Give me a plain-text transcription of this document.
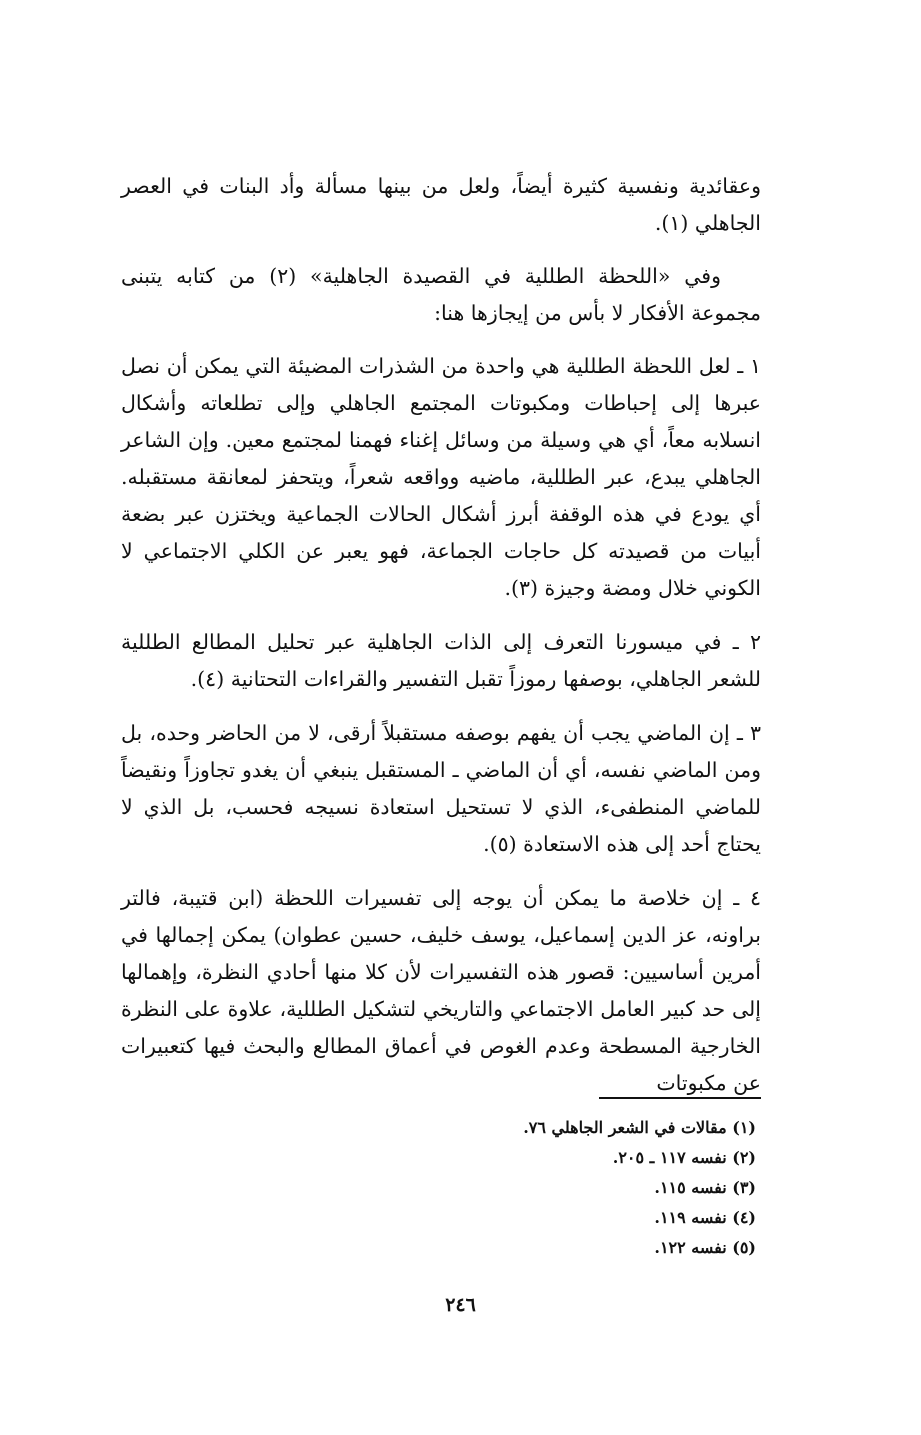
وعقائدية ونفسية كثيرة أيضاً، ولعل من بينها مسألة وأد البنات في العصر الجاهلي (١).

وفي «اللحظة الطللية في القصيدة الجاهلية» (٢) من كتابه يتبنى مجموعة الأفكار لا بأس من إيجازها هنا:

١ ـ لعل اللحظة الطللية هي واحدة من الشذرات المضيئة التي يمكن أن نصل عبرها إلى إحباطات ومكبوتات المجتمع الجاهلي وإلى تطلعاته وأشكال انسلابه معاً، أي هي وسيلة من وسائل إغناء فهمنا لمجتمع معين. وإن الشاعر الجاهلي يبدع، عبر الطللية، ماضيه وواقعه شعراً، ويتحفز لمعانقة مستقبله. أي يودع في هذه الوقفة أبرز أشكال الحالات الجماعية ويختزن عبر بضعة أبيات من قصيدته كل حاجات الجماعة، فهو يعبر عن الكلي الاجتماعي لا الكوني خلال ومضة وجيزة (٣).
٢ ـ في ميسورنا التعرف إلى الذات الجاهلية عبر تحليل المطالع الطللية للشعر الجاهلي، بوصفها رموزاً تقبل التفسير والقراءات التحتانية (٤).
٣ ـ إن الماضي يجب أن يفهم بوصفه مستقبلاً أرقى، لا من الحاضر وحده، بل ومن الماضي نفسه، أي أن الماضي ـ المستقبل ينبغي أن يغدو تجاوزاً ونقيضاً للماضي المنطفىء، الذي لا تستحيل استعادة نسيجه فحسب، بل الذي لا يحتاج أحد إلى هذه الاستعادة (٥).
٤ ـ إن خلاصة ما يمكن أن يوجه إلى تفسيرات اللحظة (ابن قتيبة، فالتر براونه، عز الدين إسماعيل، يوسف خليف، حسين عطوان) يمكن إجمالها في أمرين أساسيين: قصور هذه التفسيرات لأن كلا منها أحادي النظرة، وإهمالها إلى حد كبير العامل الاجتماعي والتاريخي لتشكيل الطللية، علاوة على النظرة الخارجية المسطحة وعدم الغوص في أعماق المطالع والبحث فيها كتعبيرات عن مكبوتات

(١) مقالات في الشعر الجاهلي ٧٦.

(٢) نفسه ١١٧ ـ ٢٠٥.

(٣) نفسه ١١٥.

(٤) نفسه ١١٩.

(٥) نفسه ١٢٢.

٢٤٦
